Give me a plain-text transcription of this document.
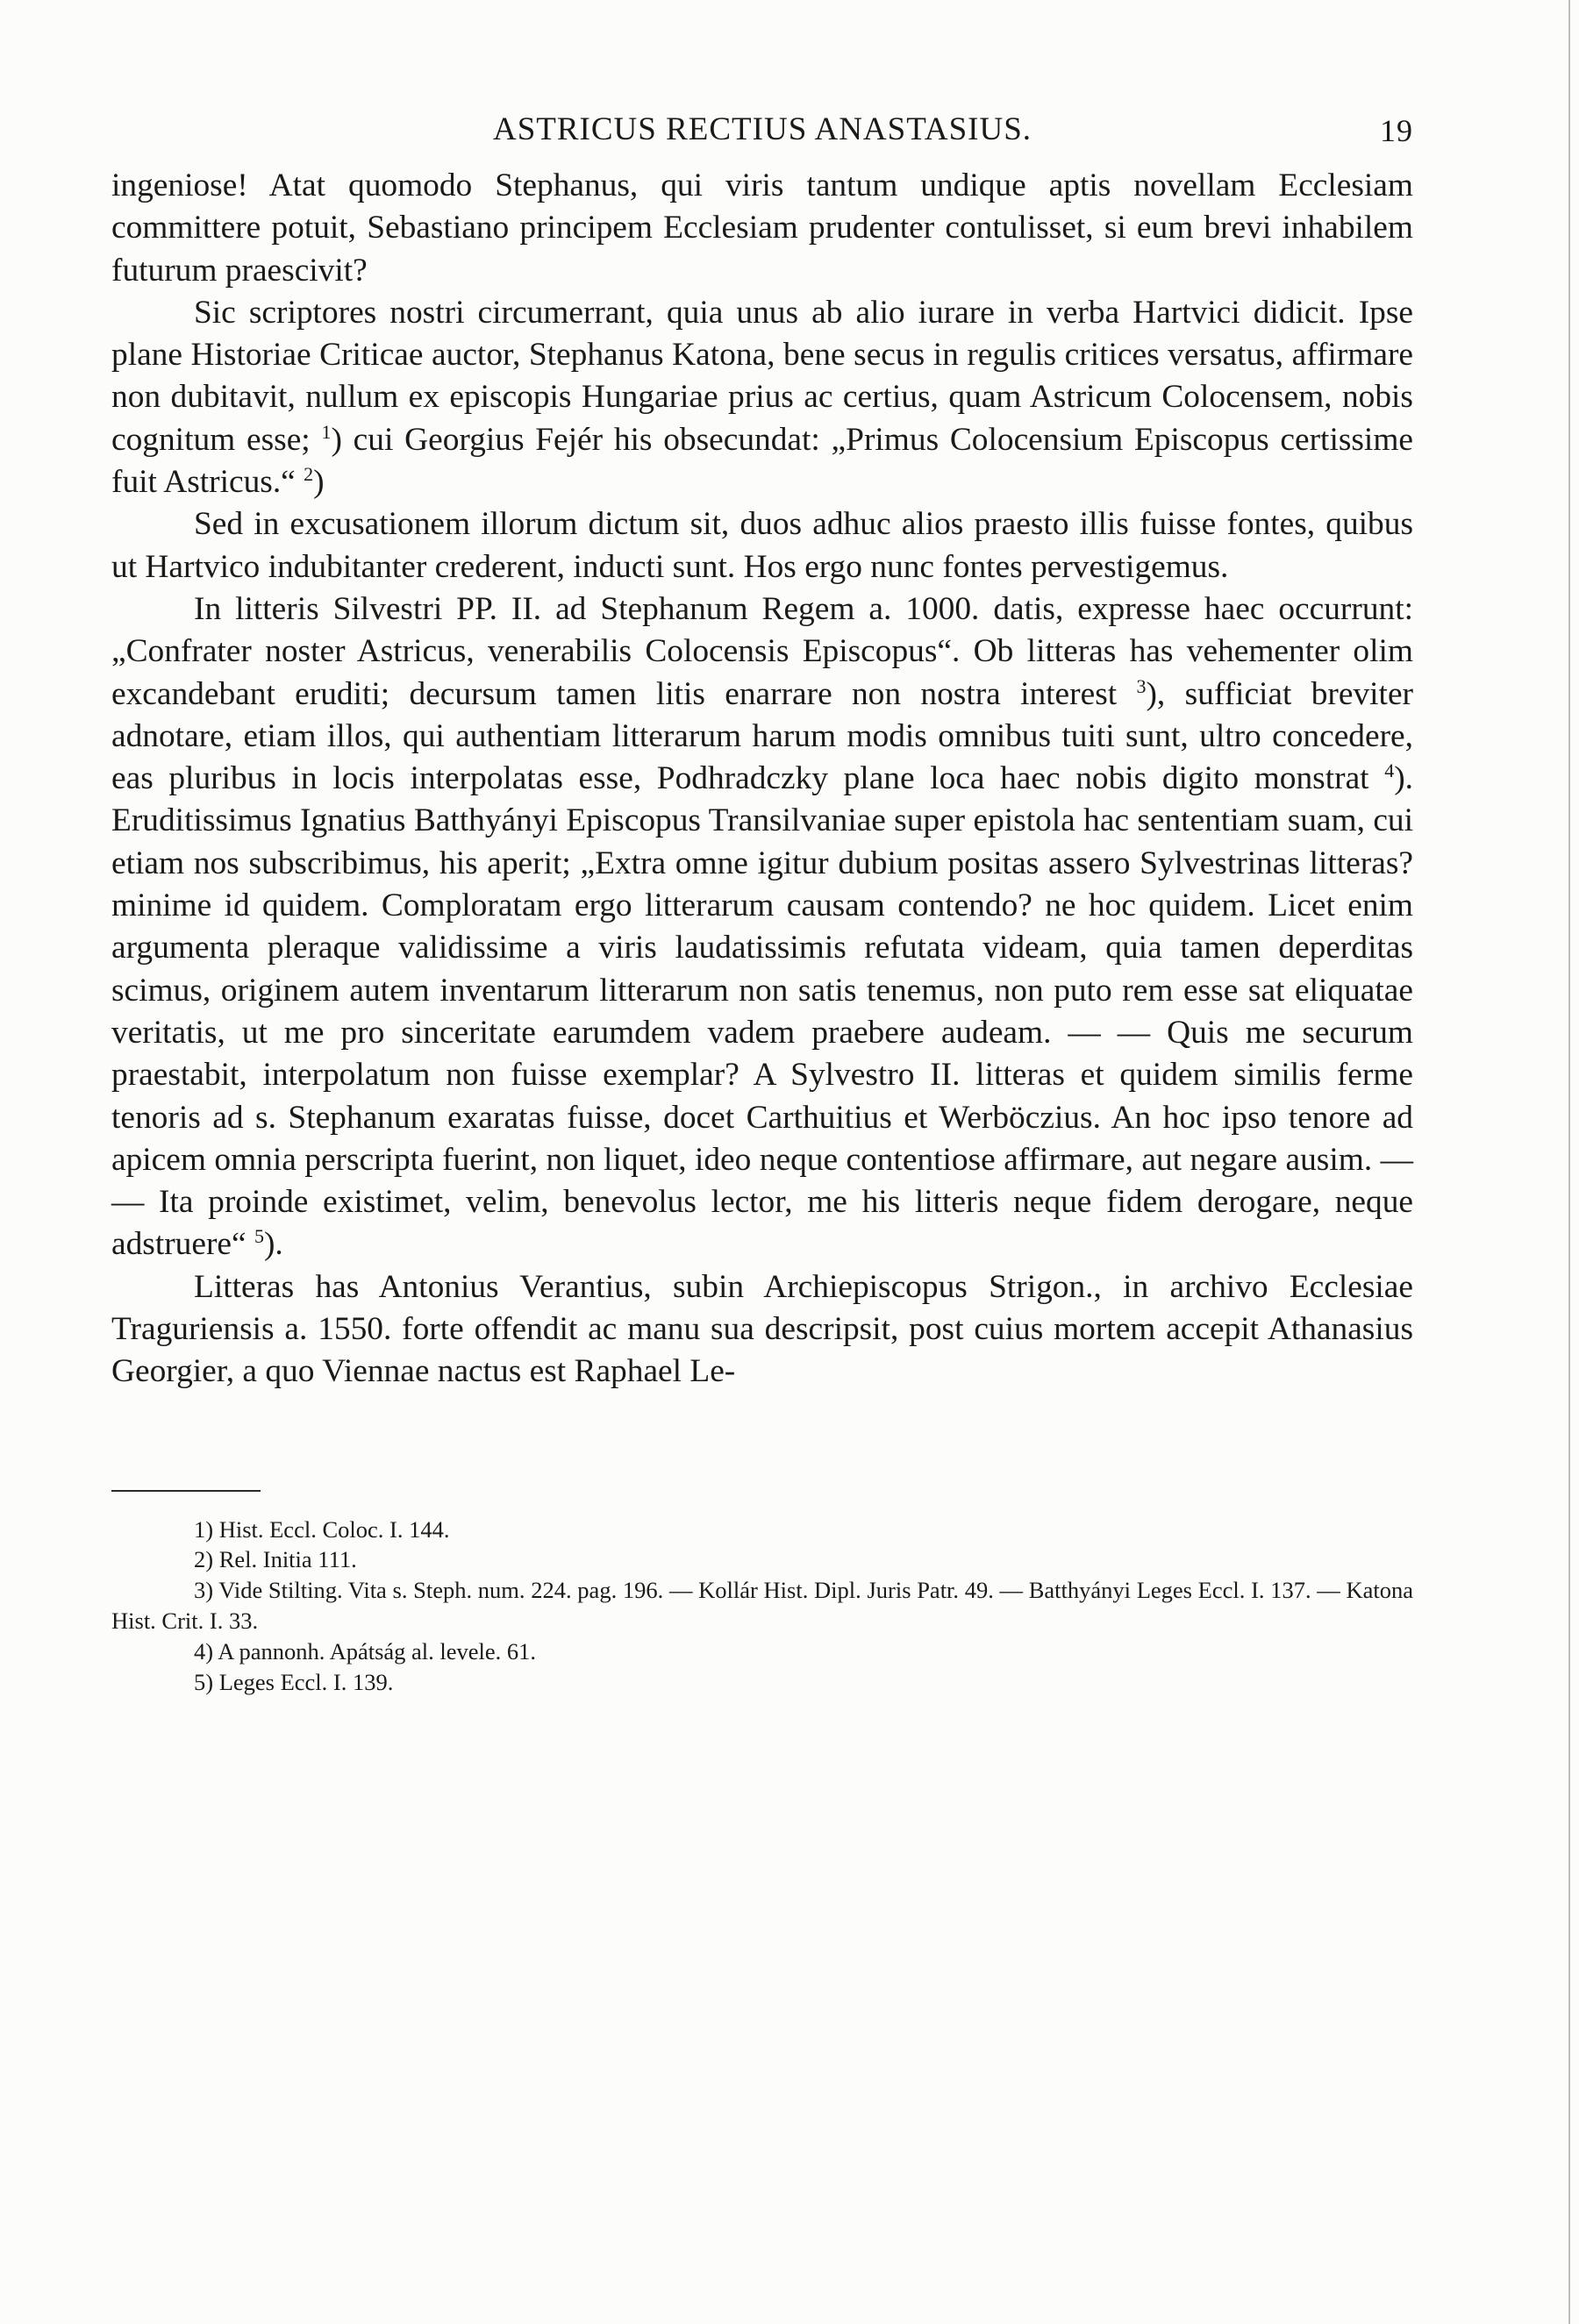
ASTRICUS RECTIUS ANASTASIUS.	19

ingeniose! Atat quomodo Stephanus, qui viris tantum undique aptis novellam Ecclesiam committere potuit, Sebastiano principem Ecclesiam prudenter contulisset, si eum brevi inhabilem futurum praescivit?

Sic scriptores nostri circumerrant, quia unus ab alio iurare in verba Hartvici didicit. Ipse plane Historiae Criticae auctor, Stephanus Katona, bene secus in regulis critices versatus, affirmare non dubitavit, nullum ex episcopis Hungariae prius ac certius, quam Astricum Colocensem, nobis cognitum esse; $^1$) cui Georgius Fejér his obsecundat: „Primus Colocensium Episcopus certissime fuit Astricus.“ $^2$)

Sed in excusationem illorum dictum sit, duos adhuc alios praesto illis fuisse fontes, quibus ut Hartvico indubitanter crederent, inducti sunt. Hos ergo nunc fontes pervestigemus.

In litteris Silvestri PP. II. ad Stephanum Regem a. 1000. datis, expresse haec occurrunt: „Confrater noster Astricus, venerabilis Colocensis Episcopus“. Ob litteras has vehementer olim excandebant eruditi; decursum tamen litis enarrare non nostra interest $^3$), sufficiat breviter adnotare, etiam illos, qui authentiam litterarum harum modis omnibus tuiti sunt, ultro concedere, eas pluribus in locis interpolatas esse, Podhradczky plane loca haec nobis digito monstrat $^4$). Eruditissimus Ignatius Batthyányi Episcopus Transilvaniae super epistola hac sententiam suam, cui etiam nos subscribimus, his aperit; „Extra omne igitur dubium positas assero Sylvestrinas litteras? minime id quidem. Comploratam ergo litterarum causam contendo? ne hoc quidem. Licet enim argumenta pleraque validissime a viris laudatissimis refutata videam, quia tamen deperditas scimus, originem autem inventarum litterarum non satis tenemus, non puto rem esse sat eliquatae veritatis, ut me pro sinceritate earumdem vadem praebere audeam. — — Quis me securum praestabit, interpolatum non fuisse exemplar? A Sylvestro II. litteras et quidem similis ferme tenoris ad s. Stephanum exaratas fuisse, docet Carthuitius et Werböczius. An hoc ipso tenore ad apicem omnia perscripta fuerint, non liquet, ideo neque contentiose affirmare, aut negare ausim. — — Ita proinde existimet, velim, benevolus lector, me his litteris neque fidem derogare, neque adstruere“ $^5$).

Litteras has Antonius Verantius, subin Archiepiscopus Strigon., in archivo Ecclesiae Traguriensis a. 1550. forte offendit ac manu sua descripsit, post cuius mortem accepit Athanasius Georgier, a quo Viennae nactus est Raphael Le-

1) Hist. Eccl. Coloc. I. 144.

2) Rel. Initia 111.

3) Vide Stilting. Vita s. Steph. num. 224. pag. 196. — Kollár Hist. Dipl. Juris Patr. 49. — Batthyányi Leges Eccl. I. 137. — Katona Hist. Crit. I. 33.

4) A pannonh. Apátság al. levele. 61.

5) Leges Eccl. I. 139.
